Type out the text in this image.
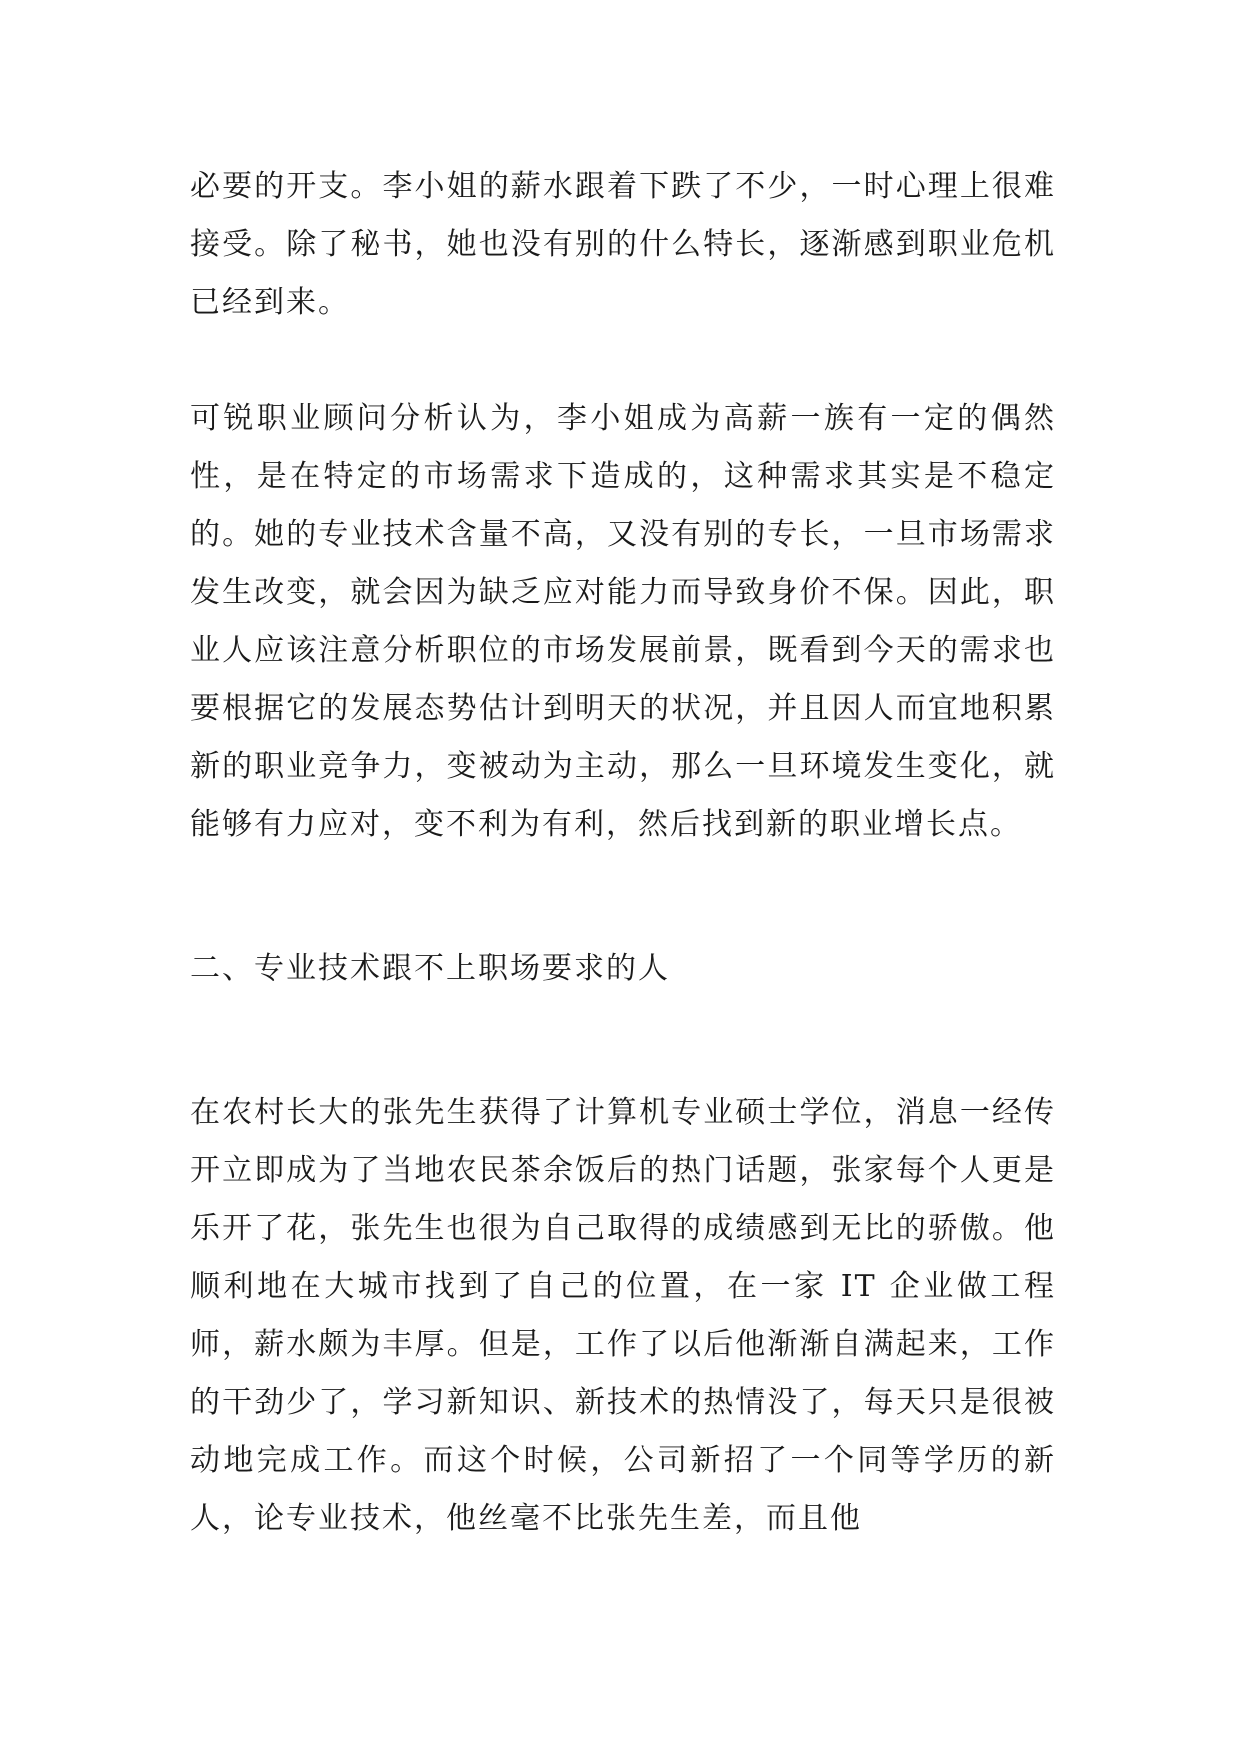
必要的开支。李小姐的薪水跟着下跌了不少，一时心理上很难接受。除了秘书，她也没有别的什么特长，逐渐感到职业危机已经到来。

可锐职业顾问分析认为，李小姐成为高薪一族有一定的偶然性，是在特定的市场需求下造成的，这种需求其实是不稳定的。她的专业技术含量不高，又没有别的专长，一旦市场需求发生改变，就会因为缺乏应对能力而导致身价不保。因此，职业人应该注意分析职位的市场发展前景，既看到今天的需求也要根据它的发展态势估计到明天的状况，并且因人而宜地积累新的职业竞争力，变被动为主动，那么一旦环境发生变化，就能够有力应对，变不利为有利，然后找到新的职业增长点。

二、专业技术跟不上职场要求的人

在农村长大的张先生获得了计算机专业硕士学位，消息一经传开立即成为了当地农民茶余饭后的热门话题，张家每个人更是乐开了花，张先生也很为自己取得的成绩感到无比的骄傲。他顺利地在大城市找到了自己的位置，在一家 IT 企业做工程师，薪水颇为丰厚。但是，工作了以后他渐渐自满起来，工作的干劲少了，学习新知识、新技术的热情没了，每天只是很被动地完成工作。而这个时候，公司新招了一个同等学历的新人，论专业技术，他丝毫不比张先生差，而且他
